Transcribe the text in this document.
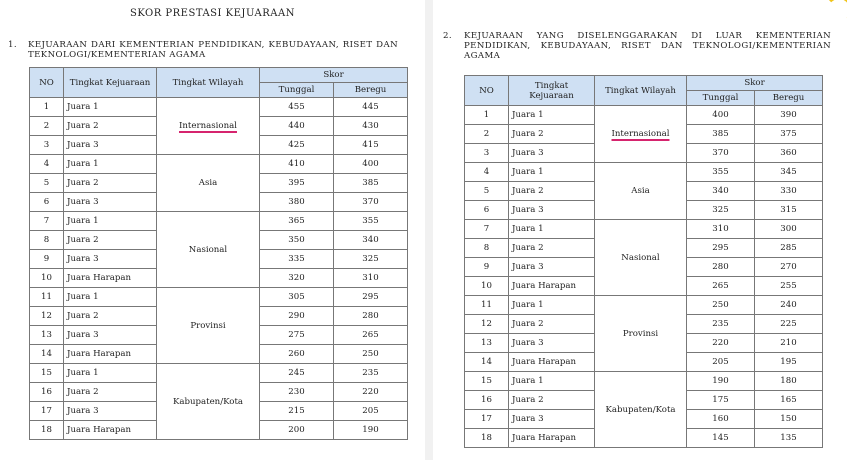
SKOR PRESTASI KEJUARAAN
1.	KEJUARAAN DARI KEMENTERIAN PENDIDIKAN, KEBUDAYAAN, RISET DAN TEKNOLOGI/KEMENTERIAN AGAMA
NO	Tingkat Kejuaraan	Tingkat Wilayah	Skor	
			Tunggal	Beregu
1	Juara 1	Internasional	455	445
2	Juara 2		440	430
3	Juara 3		425	415
4	Juara 1	Asia	410	400
5	Juara 2		395	385
6	Juara 3		380	370
7	Juara 1	Nasional	365	355
8	Juara 2		350	340
9	Juara 3		335	325
10	Juara Harapan		320	310
11	Juara 1	Provinsi	305	295
12	Juara 2		290	280
13	Juara 3		275	265
14	Juara Harapan		260	250
15	Juara 1	Kabupaten/Kota	245	235
16	Juara 2		230	220
17	Juara 3		215	205
18	Juara Harapan		200	190
2.	KEJUARAAN YANG DISELENGGARAKAN DI LUAR KEMENTERIAN PENDIDIKAN, KEBUDAYAAN, RISET DAN TEKNOLOGI/KEMENTERIAN AGAMA
NO	Tingkat Kejuaraan	Tingkat Wilayah	Skor	
			Tunggal	Beregu
1	Juara 1	Internasional	400	390
2	Juara 2		385	375
3	Juara 3		370	360
4	Juara 1	Asia	355	345
5	Juara 2		340	330
6	Juara 3		325	315
7	Juara 1	Nasional	310	300
8	Juara 2		295	285
9	Juara 3		280	270
10	Juara Harapan		265	255
11	Juara 1	Provinsi	250	240
12	Juara 2		235	225
13	Juara 3		220	210
14	Juara Harapan		205	195
15	Juara 1	Kabupaten/Kota	190	180
16	Juara 2		175	165
17	Juara 3		160	150
18	Juara Harapan		145	135
